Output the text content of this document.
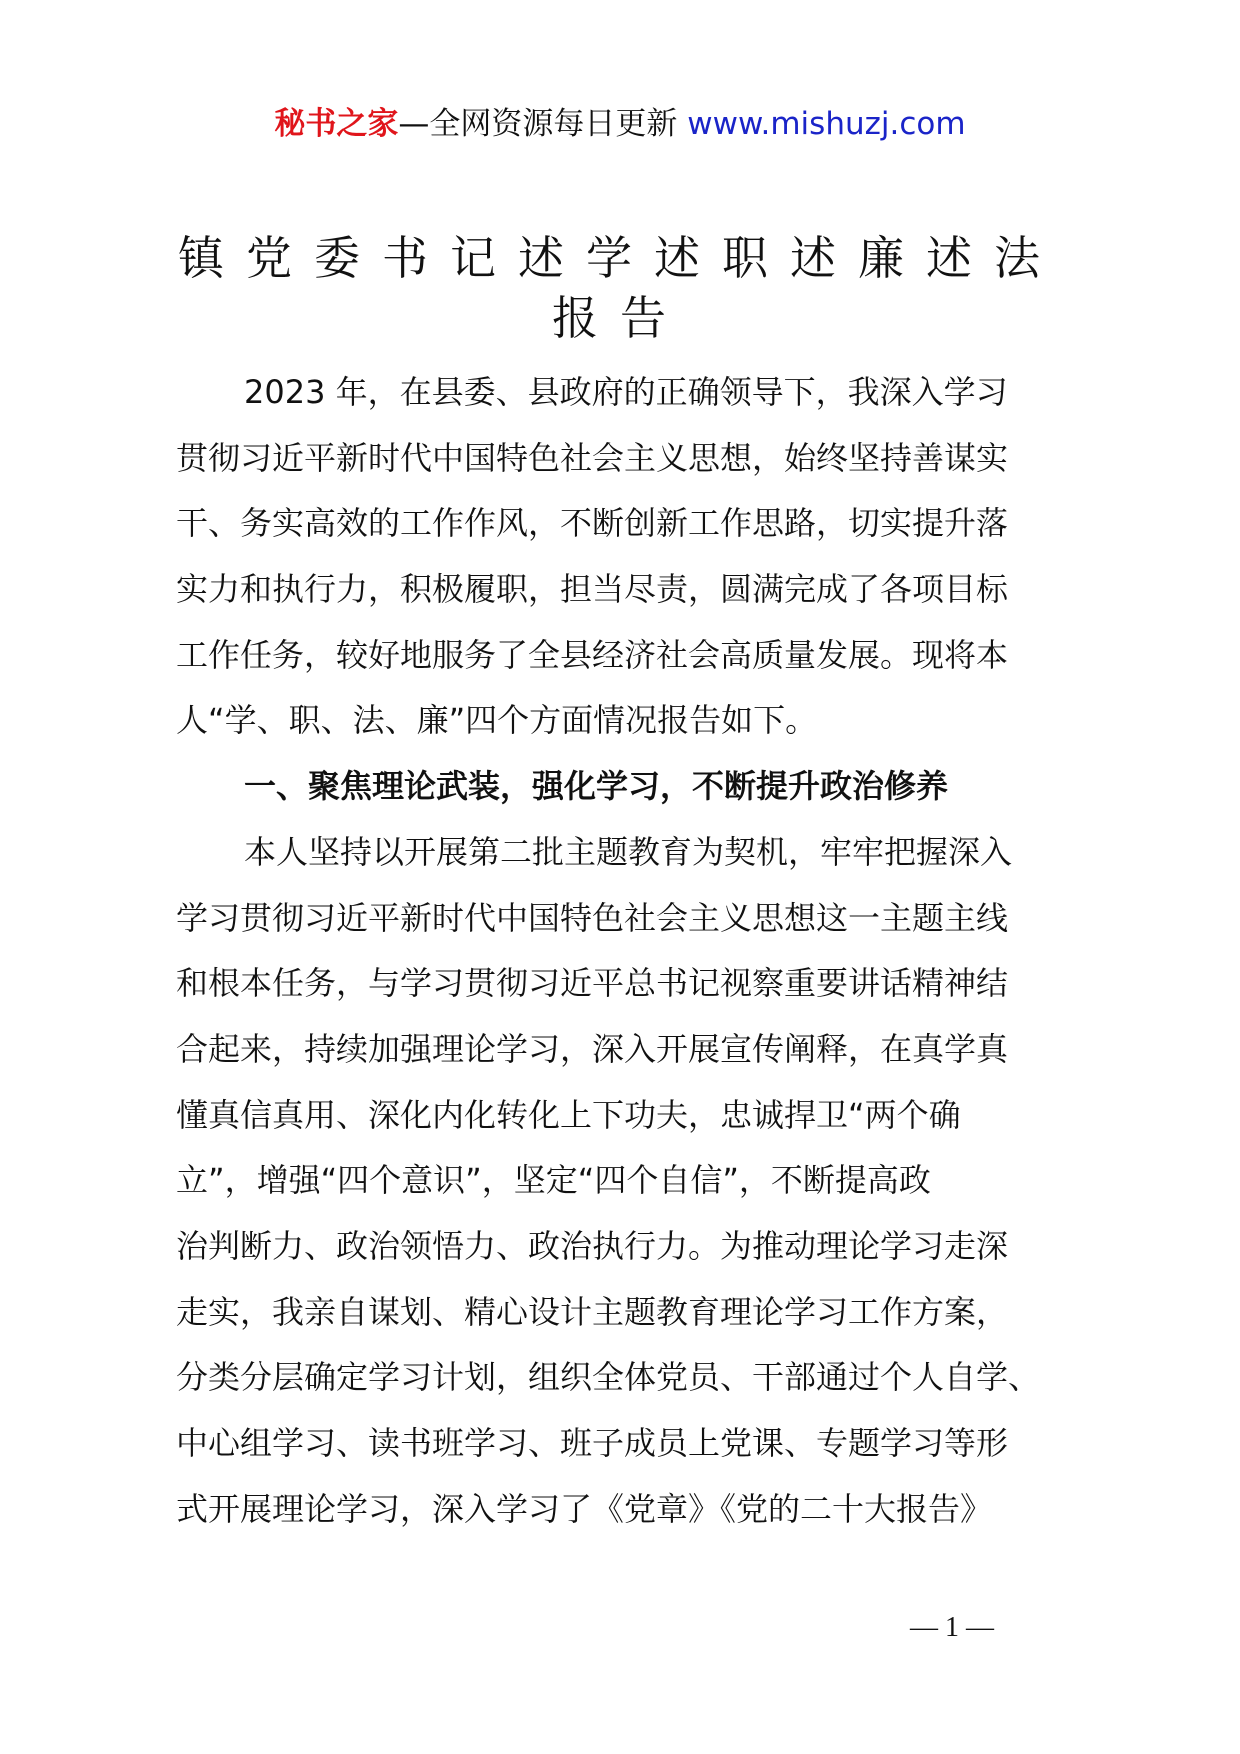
秘书之家—全网资源每日更新 www.mishuzj.com
镇党委书记述学述职述廉述法
报告
2023 年，在县委、县政府的正确领导下，我深入学习
贯彻习近平新时代中国特色社会主义思想，始终坚持善谋实
干、务实高效的工作作风，不断创新工作思路，切实提升落
实力和执行力，积极履职，担当尽责，圆满完成了各项目标
工作任务，较好地服务了全县经济社会高质量发展。现将本
人“学、职、法、廉”四个方面情况报告如下。
一、聚焦理论武装，强化学习，不断提升政治修养
本人坚持以开展第二批主题教育为契机，牢牢把握深入
学习贯彻习近平新时代中国特色社会主义思想这一主题主线
和根本任务，与学习贯彻习近平总书记视察重要讲话精神结
合起来，持续加强理论学习，深入开展宣传阐释，在真学真
懂真信真用、深化内化转化上下功夫，忠诚捍卫“两个确
立”，增强“四个意识”，坚定“四个自信”，不断提高政
治判断力、政治领悟力、政治执行力。为推动理论学习走深
走实，我亲自谋划、精心设计主题教育理论学习工作方案，
分类分层确定学习计划，组织全体党员、干部通过个人自学、
中心组学习、读书班学习、班子成员上党课、专题学习等形
式开展理论学习，深入学习了《党章》《党的二十大报告》
— 1 —
